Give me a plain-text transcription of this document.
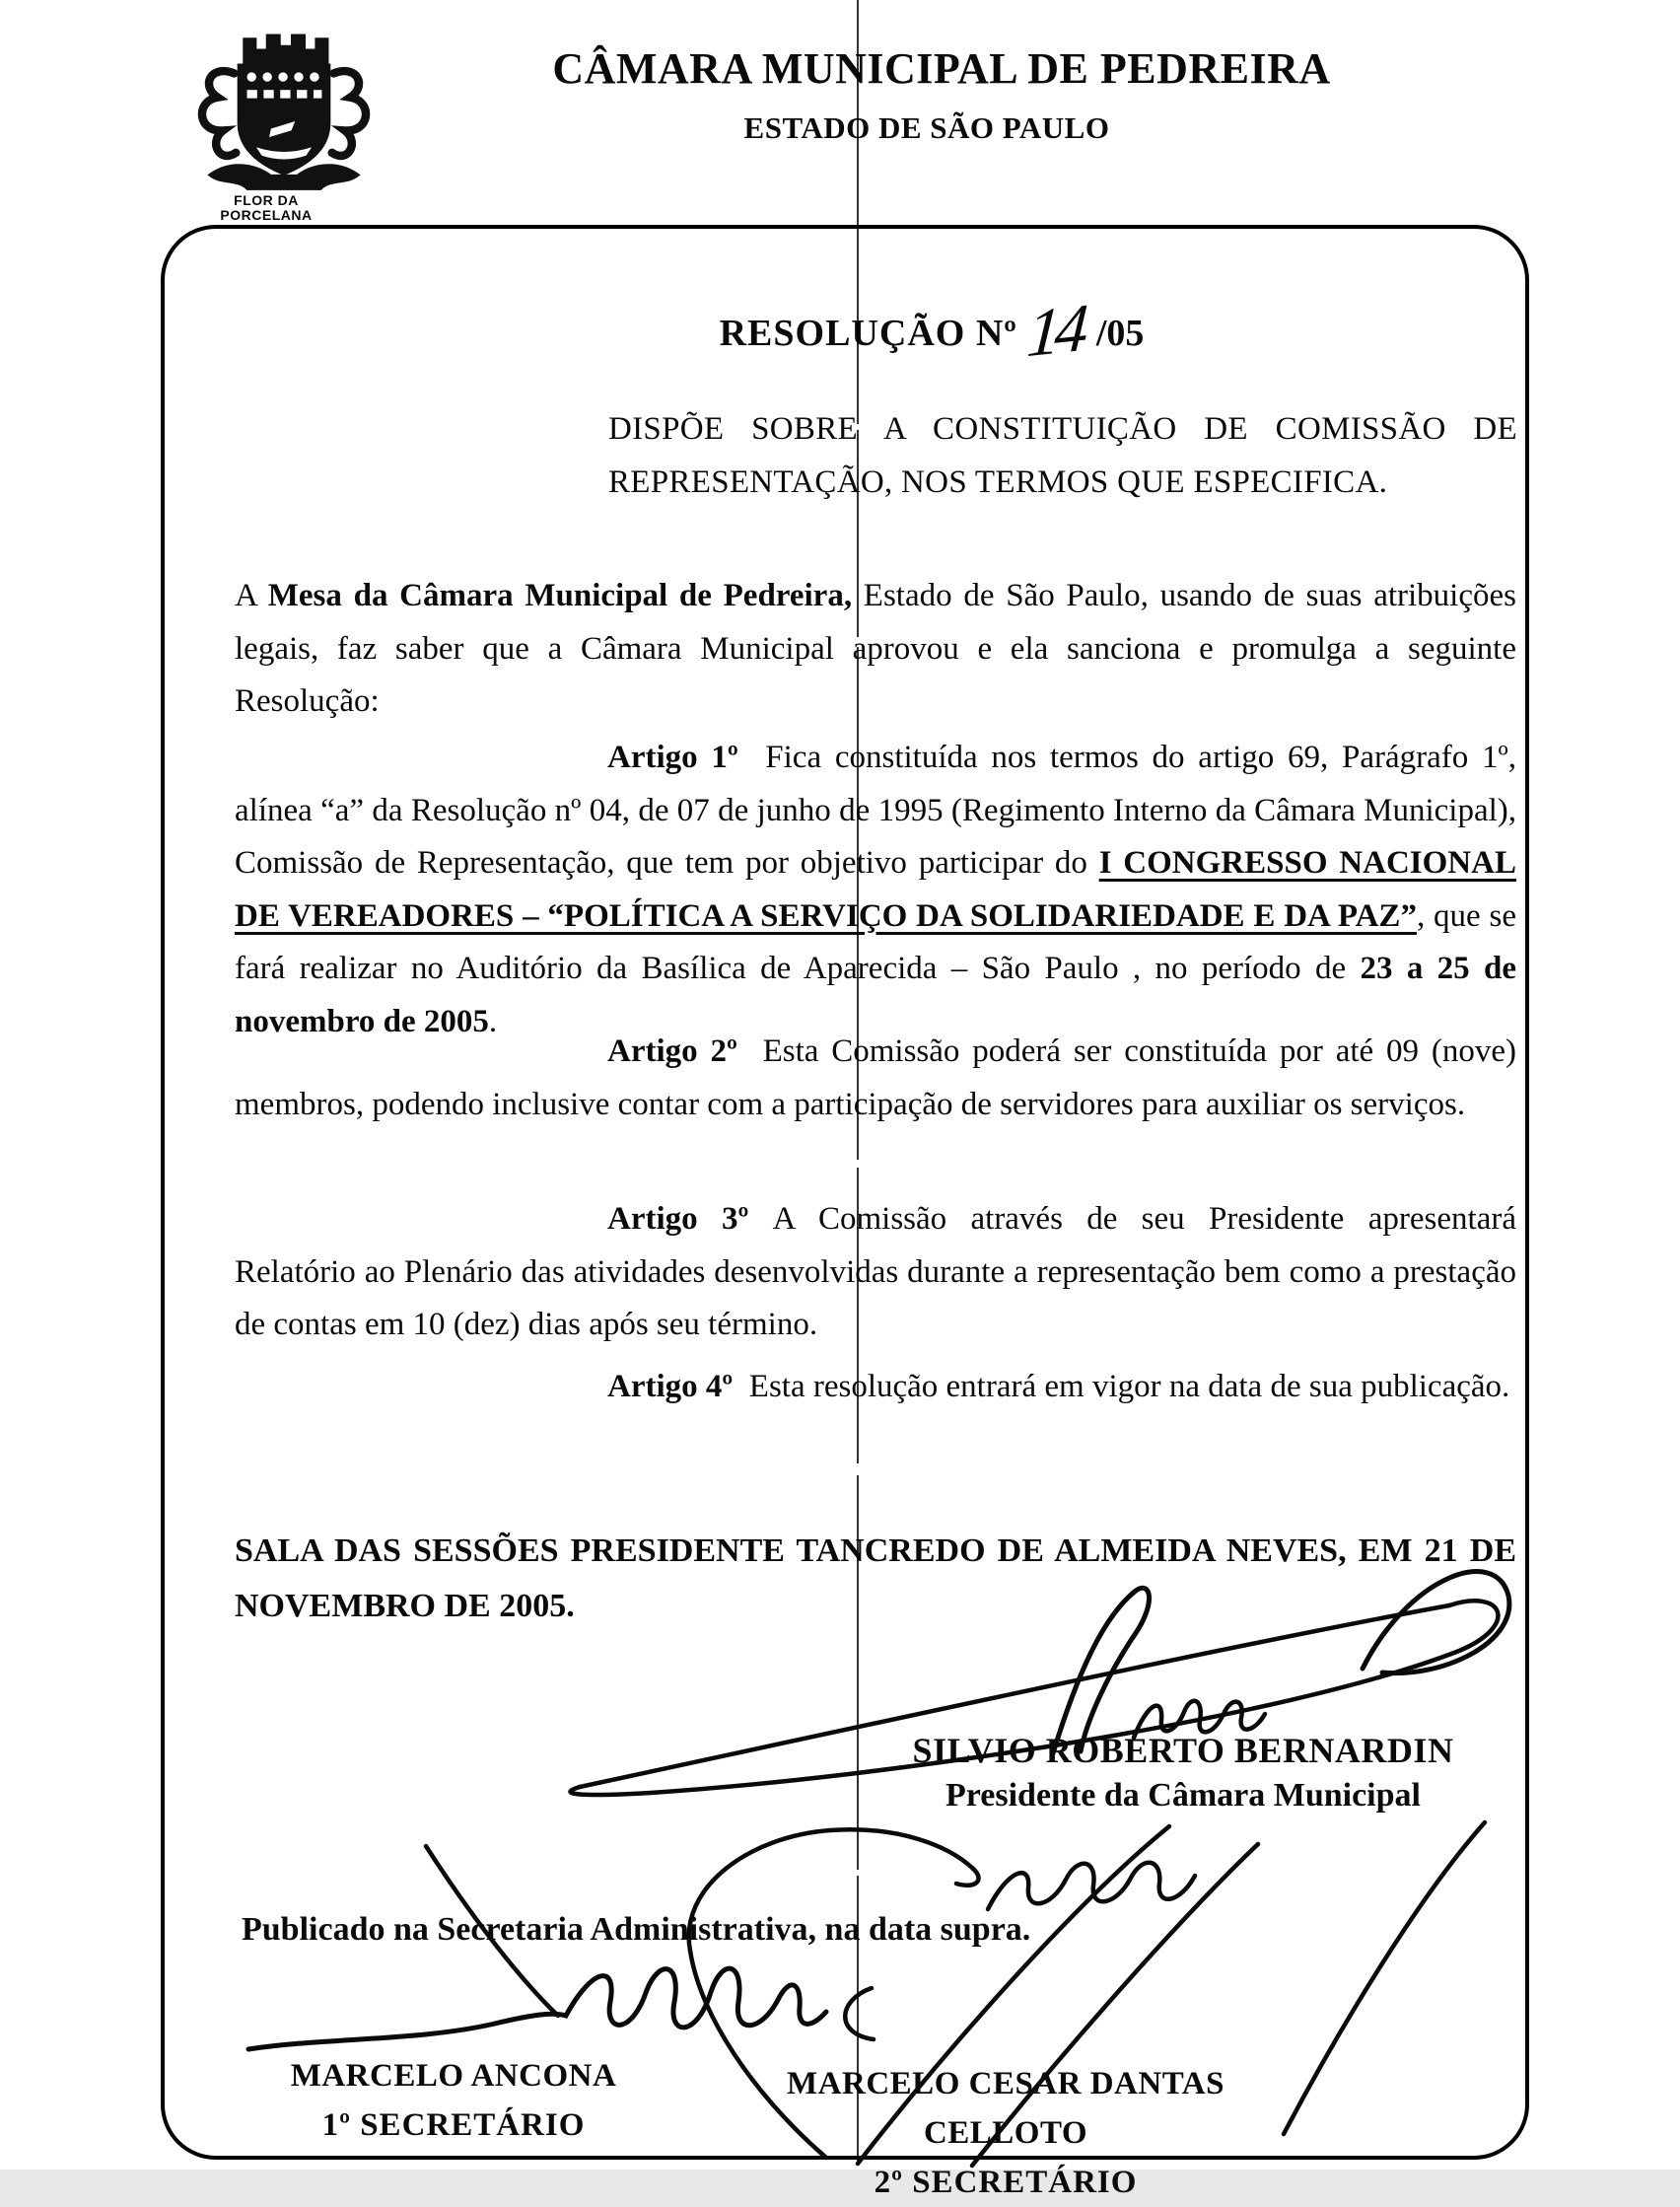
FLOR DA PORCELANA
CÂMARA MUNICIPAL DE PEDREIRA
ESTADO DE SÃO PAULO
RESOLUÇÃO Nº 14 /05
DISPÕE SOBRE A CONSTITUIÇÃO DE COMISSÃO DE REPRESENTAÇÃO, NOS TERMOS QUE ESPECIFICA.

A Mesa da Câmara Municipal de Pedreira, Estado de São Paulo, usando de suas atribuições legais, faz saber que a Câmara Municipal aprovou e ela sanciona e promulga a seguinte Resolução:

Artigo 1º  Fica constituída nos termos do artigo 69, Parágrafo 1º, alínea “a” da Resolução nº 04, de 07 de junho de 1995 (Regimento Interno da Câmara Municipal), Comissão de Representação, que tem por objetivo participar do I CONGRESSO NACIONAL DE VEREADORES – “POLÍTICA A SERVIÇO DA SOLIDARIEDADE E DA PAZ”, que se fará realizar no Auditório da Basílica de Aparecida – São Paulo , no período de 23 a 25 de novembro de 2005.

Artigo 2º  Esta Comissão poderá ser constituída por até 09 (nove) membros, podendo inclusive contar com a participação de servidores para auxiliar os serviços.

Artigo 3º A Comissão através de seu Presidente apresentará Relatório ao Plenário das atividades desenvolvidas durante a representação bem como a prestação de contas em 10 (dez) dias após seu término.

Artigo 4º  Esta resolução entrará em vigor na data de sua publicação.

SALA DAS SESSÕES PRESIDENTE TANCREDO DE ALMEIDA NEVES, EM 21 DE NOVEMBRO DE 2005.

SILVIO ROBERTO BERNARDIN
Presidente da Câmara Municipal
Publicado na Secretaria Administrativa, na data supra.
MARCELO ANCONA
1º SECRETÁRIO
MARCELO CESAR DANTAS CELLOTO
2º SECRETÁRIO
